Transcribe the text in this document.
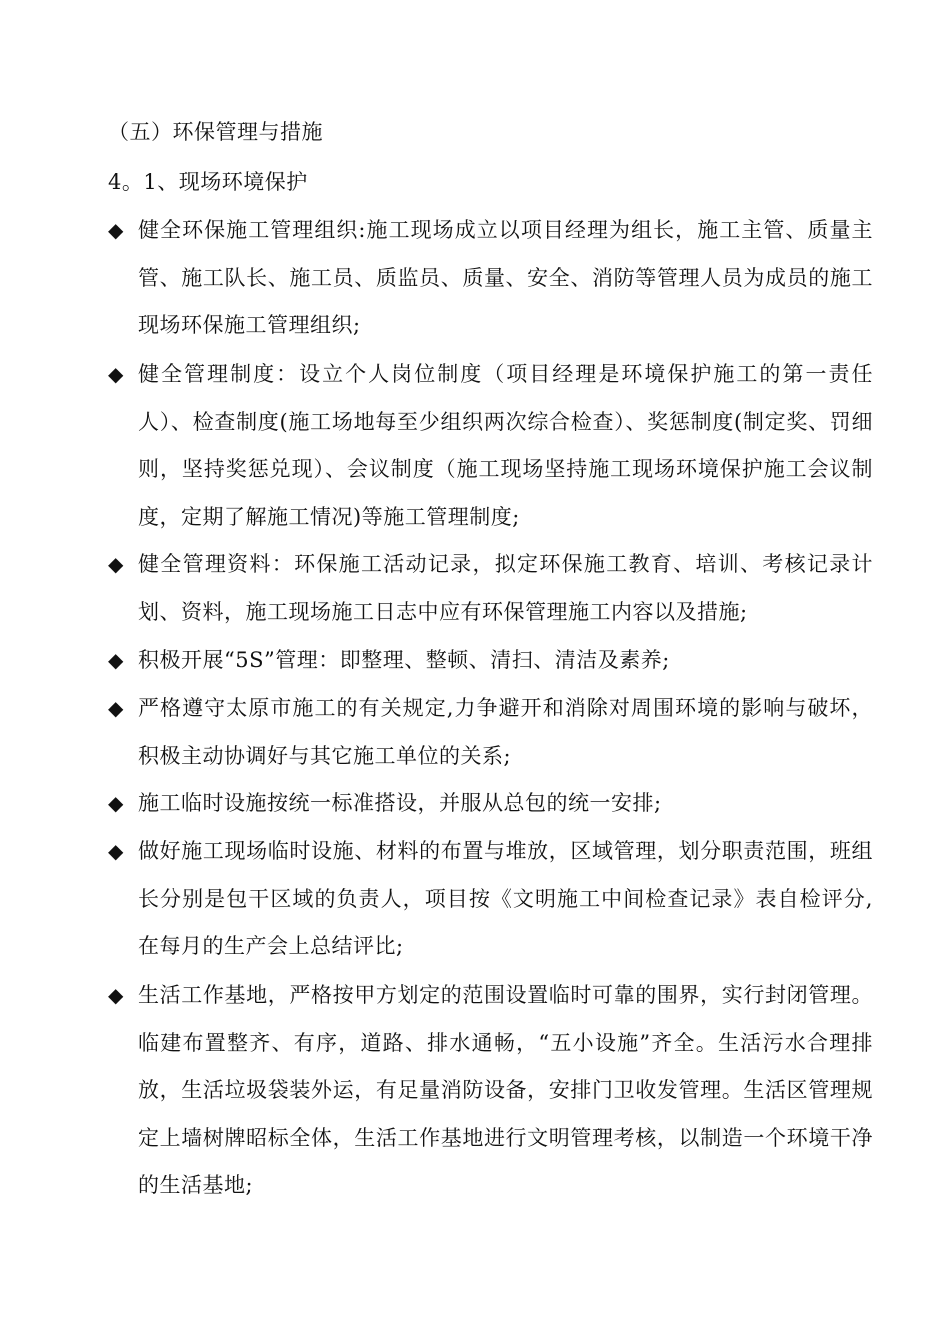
（五）环保管理与措施
4。1、现场环境保护
◆ 健全环保施工管理组织:施工现场成立以项目经理为组长，施工主管、质量主管、施工队长、施工员、质监员、质量、安全、消防等管理人员为成员的施工现场环保施工管理组织;
◆ 健全管理制度：设立个人岗位制度（项目经理是环境保护施工的第一责任人）、检查制度(施工场地每至少组织两次综合检查）、奖惩制度(制定奖、罚细则，坚持奖惩兑现）、会议制度（施工现场坚持施工现场环境保护施工会议制度，定期了解施工情况)等施工管理制度;
◆ 健全管理资料：环保施工活动记录，拟定环保施工教育、培训、考核记录计划、资料，施工现场施工日志中应有环保管理施工内容以及措施;
◆ 积极开展“5S”管理：即整理、整顿、清扫、清洁及素养;
◆ 严格遵守太原市施工的有关规定,力争避开和消除对周围环境的影响与破坏，积极主动协调好与其它施工单位的关系;
◆ 施工临时设施按统一标准搭设，并服从总包的统一安排;
◆ 做好施工现场临时设施、材料的布置与堆放，区域管理，划分职责范围，班组长分别是包干区域的负责人，项目按《文明施工中间检查记录》表自检评分,在每月的生产会上总结评比;
◆ 生活工作基地，严格按甲方划定的范围设置临时可靠的围界，实行封闭管理。临建布置整齐、有序，道路、排水通畅，“五小设施”齐全。生活污水合理排放，生活垃圾袋装外运，有足量消防设备，安排门卫收发管理。生活区管理规定上墙树牌昭标全体，生活工作基地进行文明管理考核，以制造一个环境干净的生活基地;
